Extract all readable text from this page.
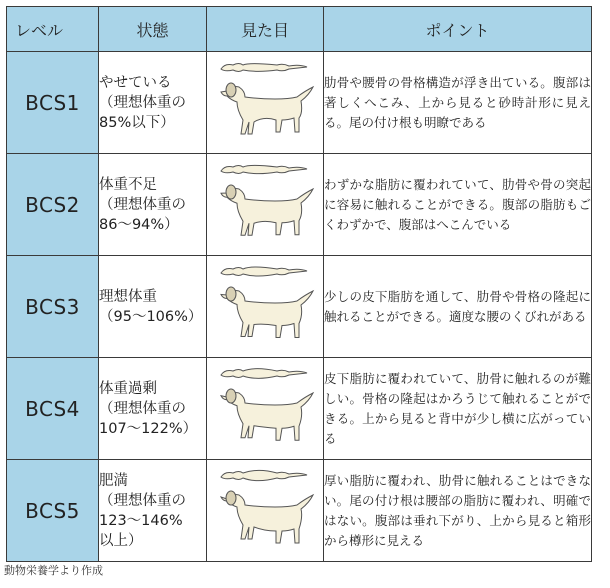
レベル	状態	見た目	ポイント
BCS1	やせている
（理想体重の
85%以下）		肋骨や腰骨の骨格構造が浮き出ている。腹部は著しくへこみ、上から見ると砂時計形に見える。尾の付け根も明瞭である
BCS2	体重不足
（理想体重の
86〜94%）		わずかな脂肪に覆われていて、肋骨や骨の突起に容易に触れることができる。腹部の脂肪もごくわずかで、腹部はへこんでいる
BCS3	理想体重
（95〜106%）		少しの皮下脂肪を通して、肋骨や骨格の隆起に触れることができる。適度な腰のくびれがある
BCS4	体重過剰
（理想体重の
107〜122%）		皮下脂肪に覆われていて、肋骨に触れるのが難しい。骨格の隆起はかろうじて触れることができる。上から見ると背中が少し横に広がっている
BCS5	肥満
（理想体重の
123〜146%
以上）		厚い脂肪に覆われ、肋骨に触れることはできない。尾の付け根は腰部の脂肪に覆われ、明確ではない。腹部は垂れ下がり、上から見ると箱形から樽形に見える
動物栄養学より作成
